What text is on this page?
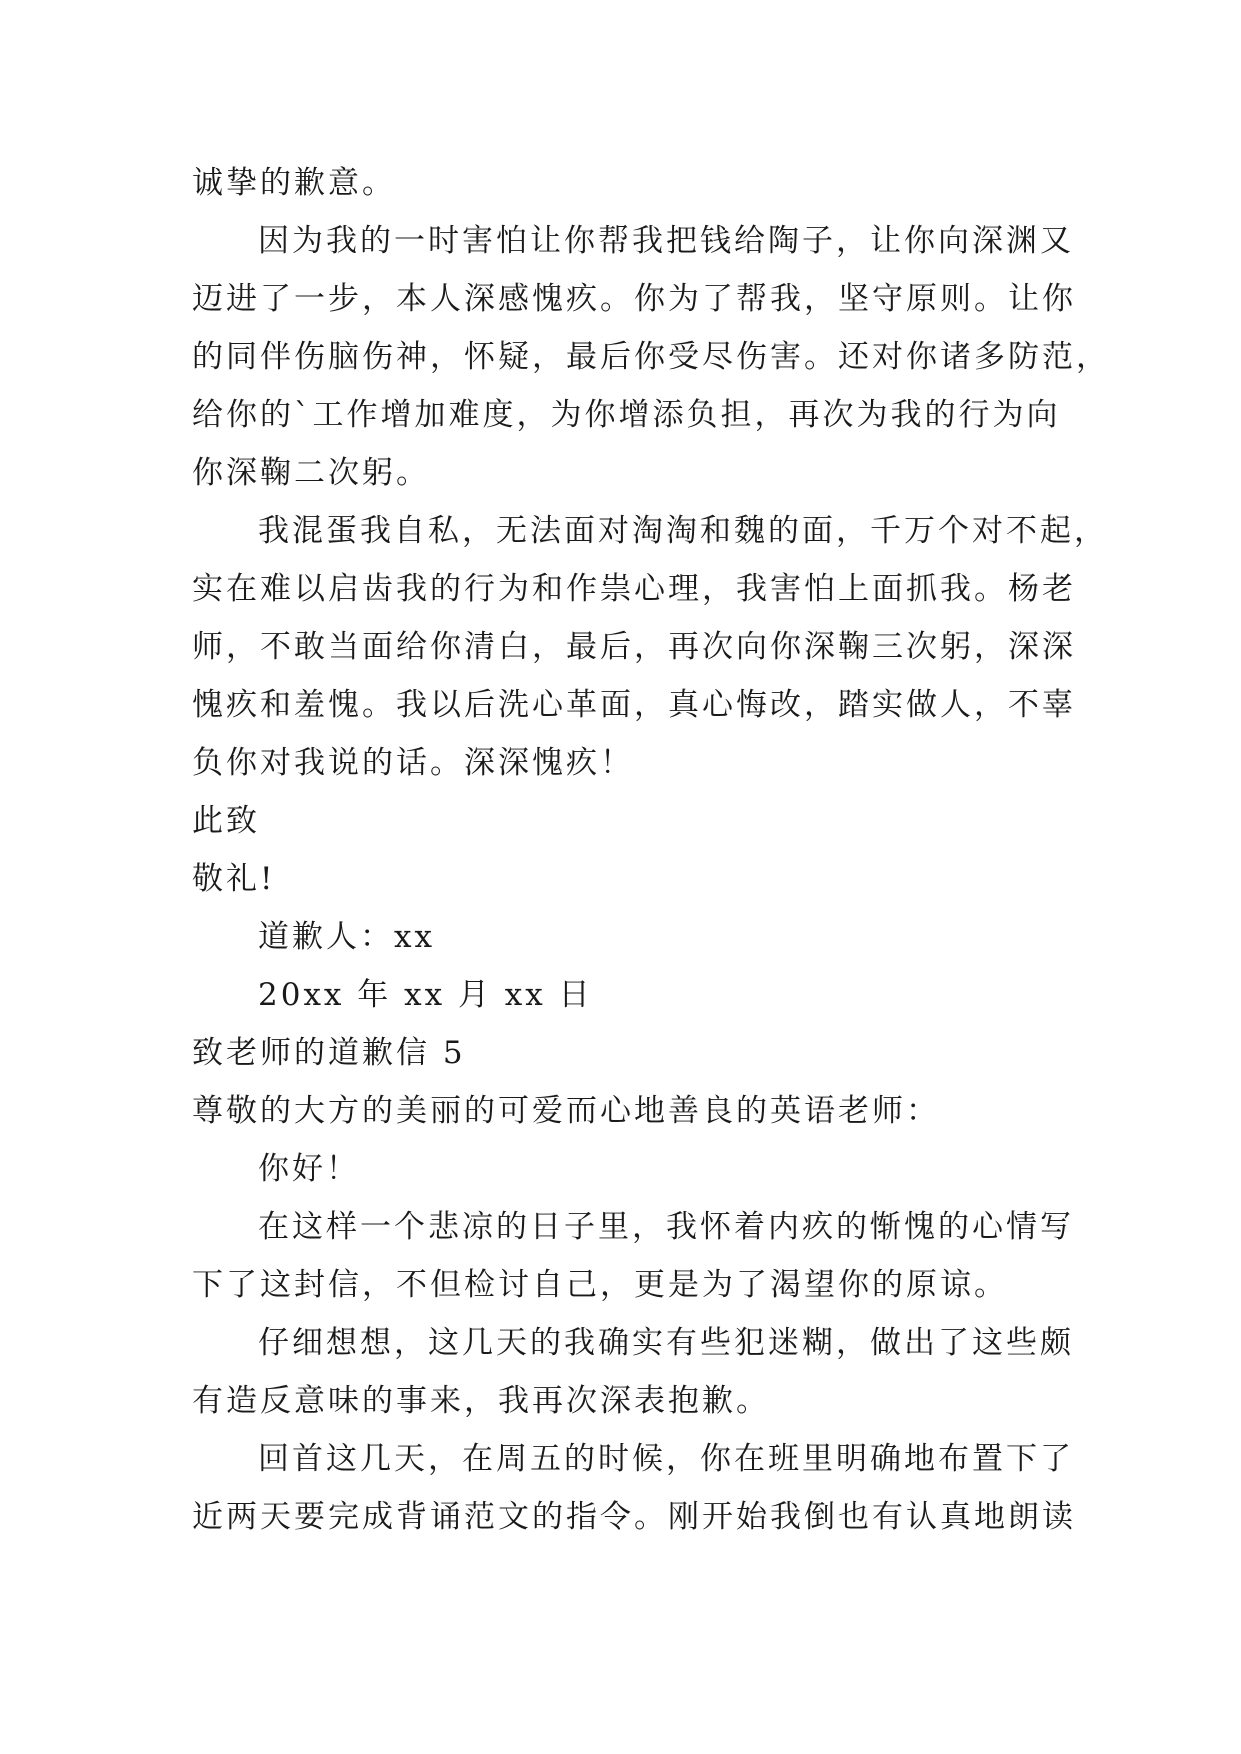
诚挚的歉意。
因为我的一时害怕让你帮我把钱给陶子，让你向深渊又
迈进了一步，本人深感愧疚。你为了帮我，坚守原则。让你
的同伴伤脑伤神，怀疑，最后你受尽伤害。还对你诸多防范，
给你的`工作增加难度，为你增添负担，再次为我的行为向
你深鞠二次躬。
我混蛋我自私，无法面对淘淘和魏的面，千万个对不起，
实在难以启齿我的行为和作祟心理，我害怕上面抓我。杨老
师，不敢当面给你清白，最后，再次向你深鞠三次躬，深深
愧疚和羞愧。我以后洗心革面，真心悔改，踏实做人，不辜
负你对我说的话。深深愧疚！
此致
敬礼!
道歉人：xx
20xx 年 xx 月 xx 日
致老师的道歉信 5
尊敬的大方的美丽的可爱而心地善良的英语老师：
你好！
在这样一个悲凉的日子里，我怀着内疚的惭愧的心情写
下了这封信，不但检讨自己，更是为了渴望你的原谅。
仔细想想，这几天的我确实有些犯迷糊，做出了这些颇
有造反意味的事来，我再次深表抱歉。
回首这几天，在周五的时候，你在班里明确地布置下了
近两天要完成背诵范文的指令。刚开始我倒也有认真地朗读
